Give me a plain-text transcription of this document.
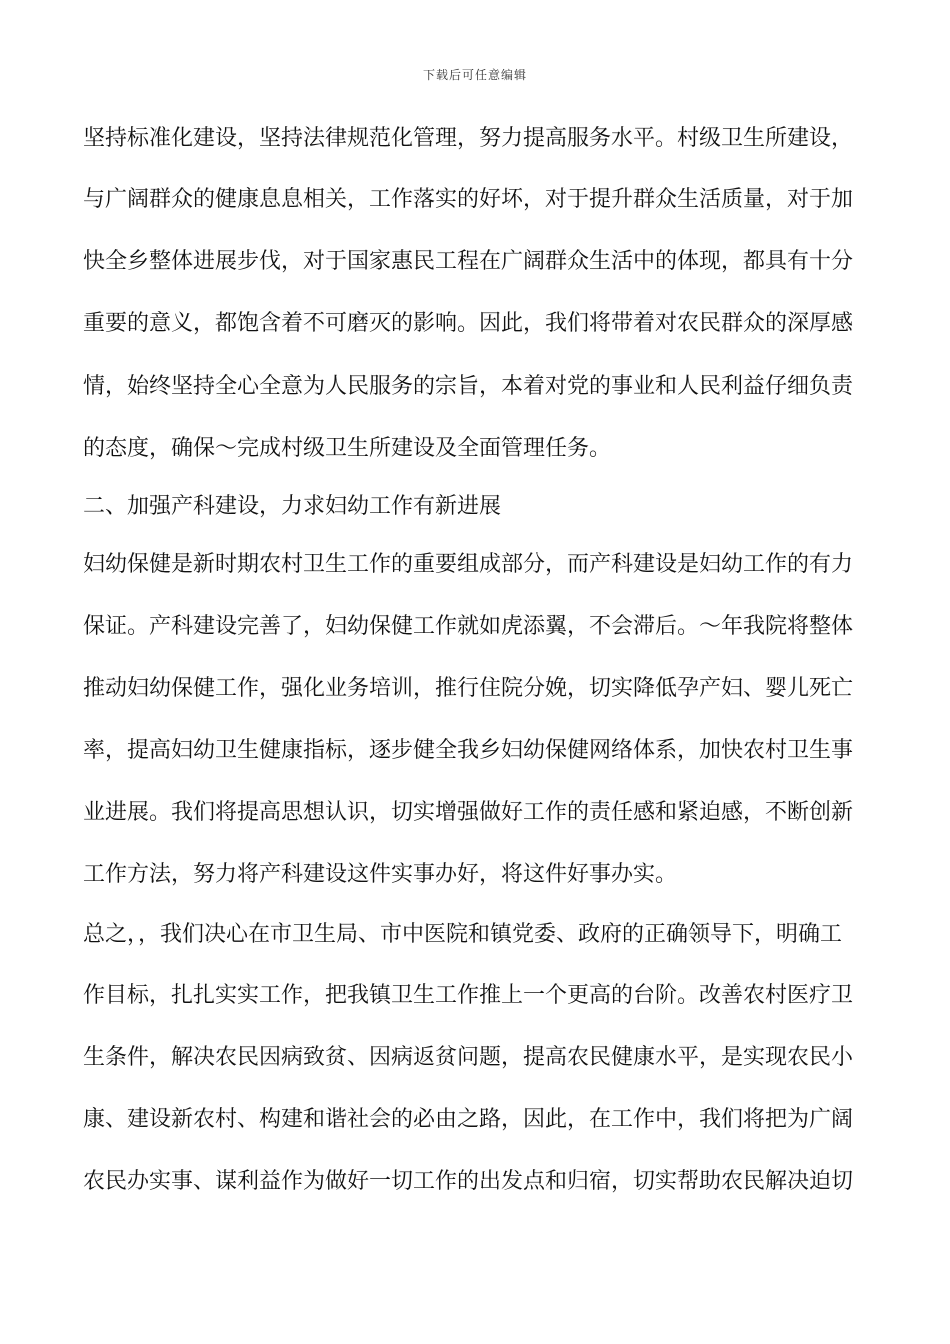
下载后可任意编辑
坚持标准化建设，坚持法律规范化管理，努力提高服务水平。村级卫生所建设，
与广阔群众的健康息息相关，工作落实的好坏，对于提升群众生活质量，对于加
快全乡整体进展步伐，对于国家惠民工程在广阔群众生活中的体现，都具有十分
重要的意义，都饱含着不可磨灭的影响。因此，我们将带着对农民群众的深厚感
情，始终坚持全心全意为人民服务的宗旨，本着对党的事业和人民利益仔细负责
的态度，确保～完成村级卫生所建设及全面管理任务。
二、加强产科建设，力求妇幼工作有新进展
妇幼保健是新时期农村卫生工作的重要组成部分，而产科建设是妇幼工作的有力
保证。产科建设完善了，妇幼保健工作就如虎添翼，不会滞后。～年我院将整体
推动妇幼保健工作，强化业务培训，推行住院分娩，切实降低孕产妇、婴儿死亡
率，提高妇幼卫生健康指标，逐步健全我乡妇幼保健网络体系，加快农村卫生事
业进展。我们将提高思想认识，切实增强做好工作的责任感和紧迫感，不断创新
工作方法，努力将产科建设这件实事办好，将这件好事办实。
总之，，我们决心在市卫生局、市中医院和镇党委、政府的正确领导下，明确工
作目标，扎扎实实工作，把我镇卫生工作推上一个更高的台阶。改善农村医疗卫
生条件，解决农民因病致贫、因病返贫问题，提高农民健康水平，是实现农民小
康、建设新农村、构建和谐社会的必由之路，因此，在工作中，我们将把为广阔
农民办实事、谋利益作为做好一切工作的出发点和归宿，切实帮助农民解决迫切
